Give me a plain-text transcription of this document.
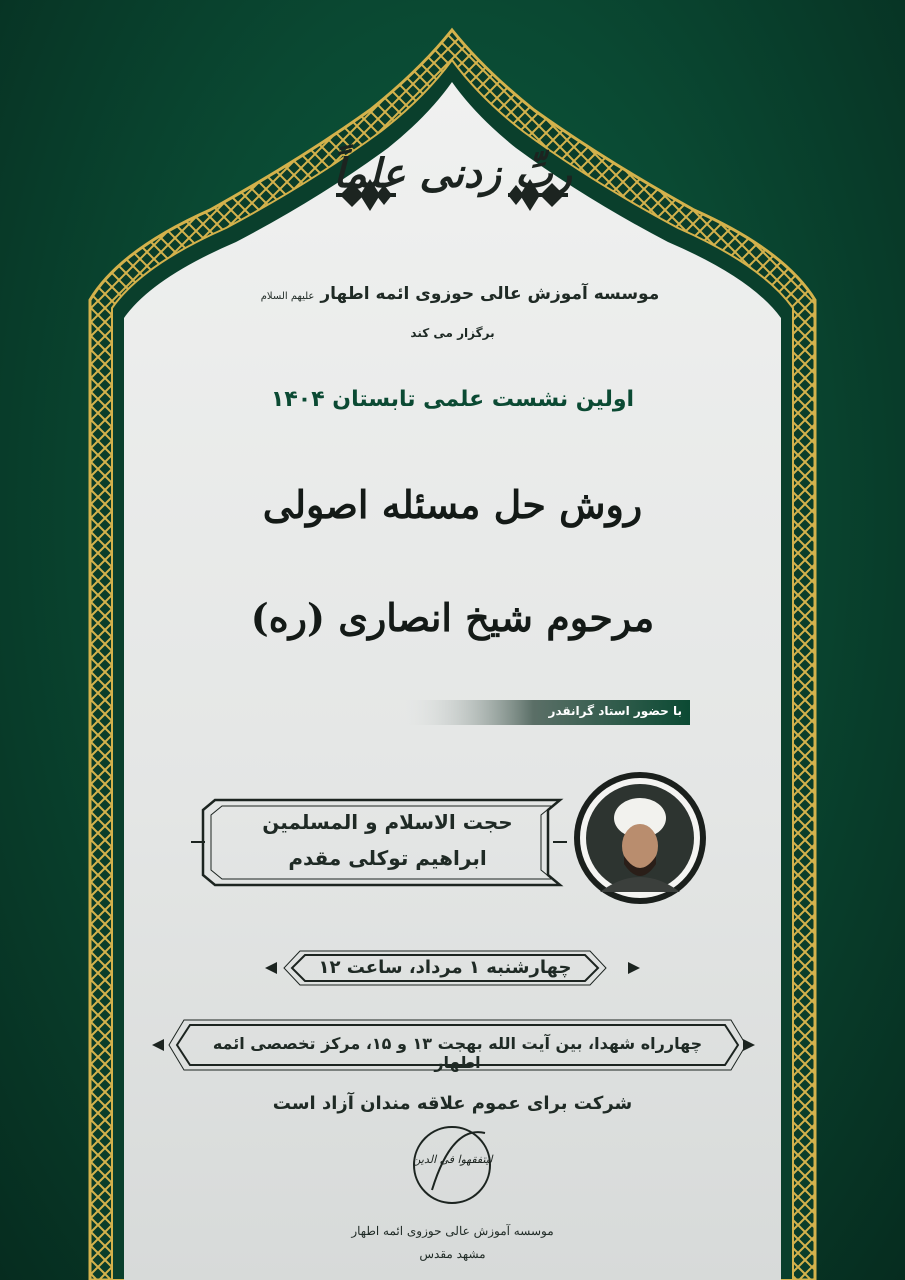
ربِّ زدنی علماً
موسسه آموزش عالی حوزوی ائمه اطهار علیهم السلام
برگزار می کند
اولین نشست علمی تابستان ۱۴۰۴
روش حل مسئله اصولی
مرحوم شیخ انصاری (ره)
با حضور استاد گرانقدر
حجت الاسلام و المسلمین
ابراهیم توکلی مقدم
چهارشنبه ۱ مرداد، ساعت ۱۲
چهارراه شهدا، بین آیت الله بهجت ۱۳ و ۱۵، مرکز تخصصی ائمه اطهار
شرکت برای عموم علاقه مندان آزاد است
لیتفقهوا فی الدین
موسسه آموزش عالی حوزوی ائمه اطهار
مشهد مقدس
